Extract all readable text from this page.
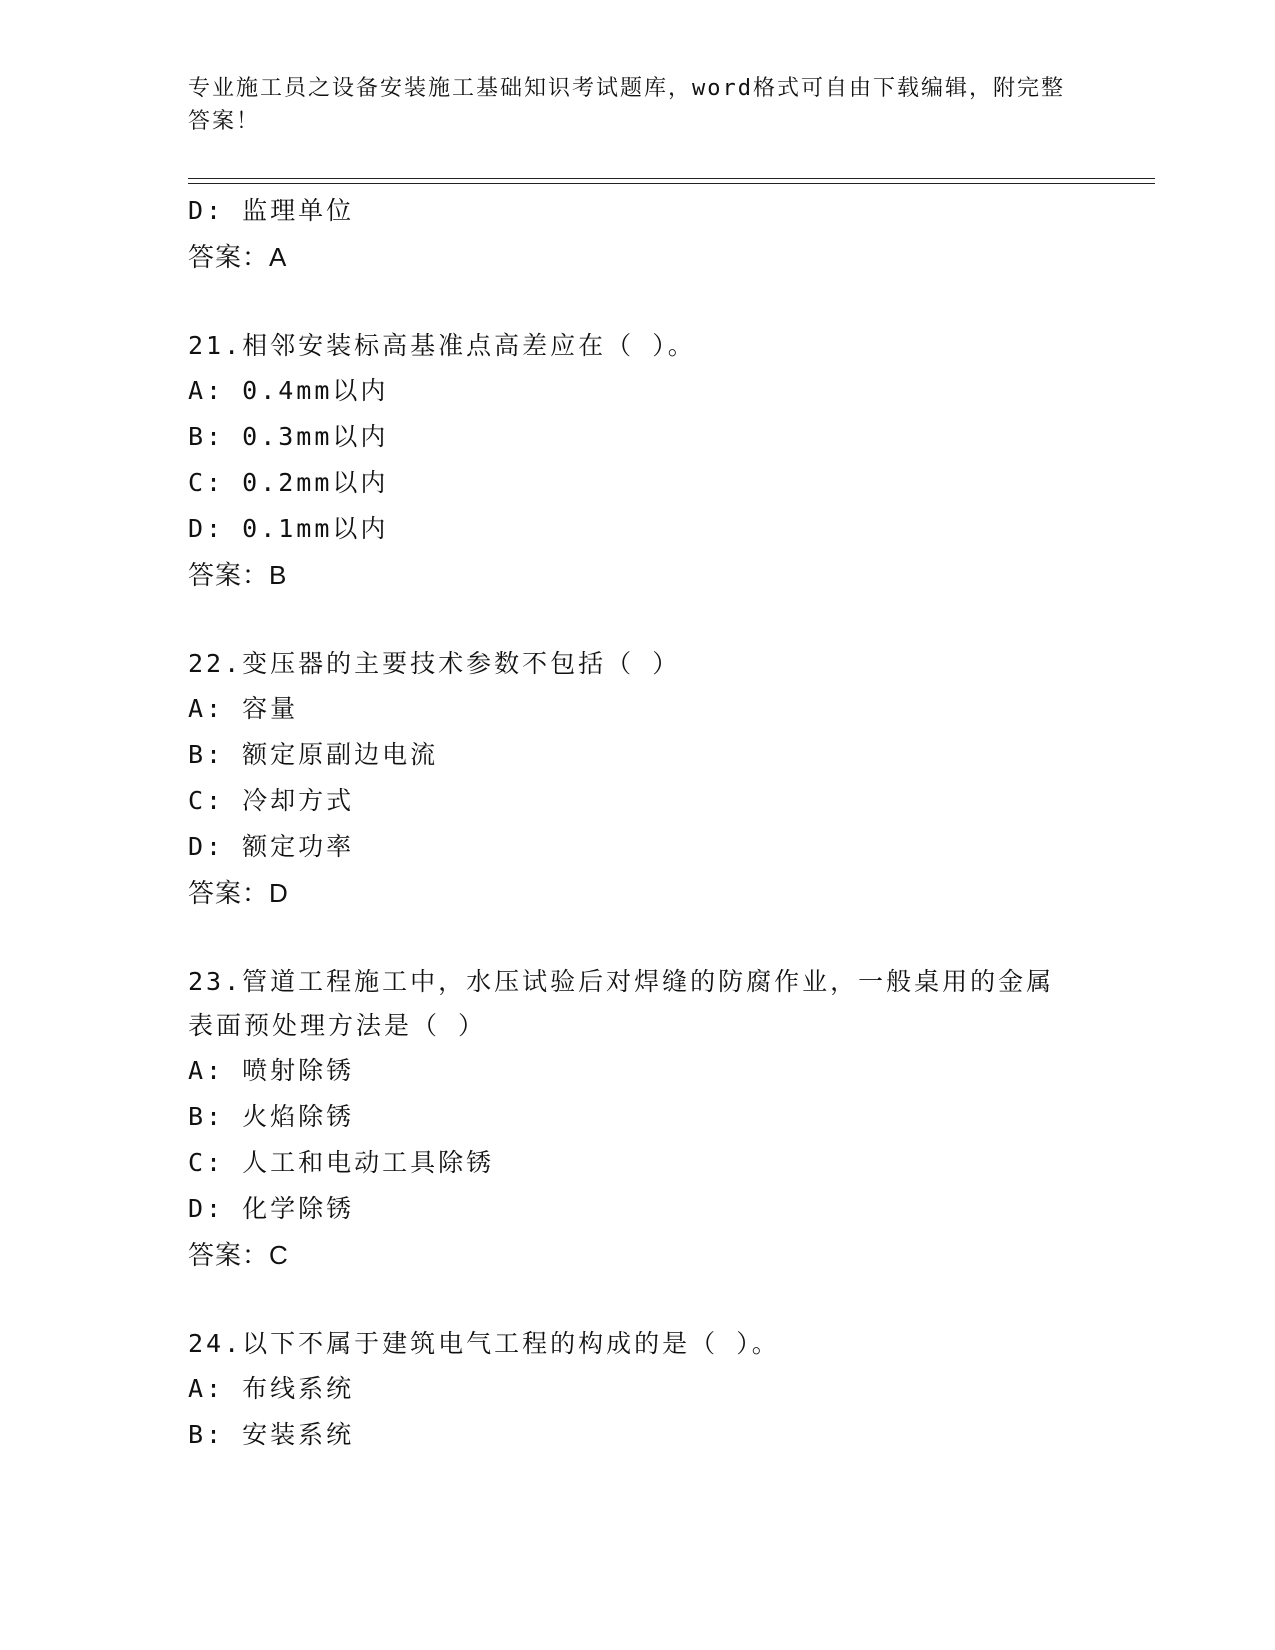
专业施工员之设备安装施工基础知识考试题库，word格式可自由下载编辑，附完整答案！
D: 监理单位
答案：A
21.相邻安装标高基准点高差应在（ ）。
A: 0.4mm以内
B: 0.3mm以内
C: 0.2mm以内
D: 0.1mm以内
答案：B
22.变压器的主要技术参数不包括（ ）
A: 容量
B: 额定原副边电流
C: 冷却方式
D: 额定功率
答案：D
23.管道工程施工中，水压试验后对焊缝的防腐作业，一般桌用的金属表面预处理方法是（ ）
A: 喷射除锈
B: 火焰除锈
C: 人工和电动工具除锈
D: 化学除锈
答案：C
24.以下不属于建筑电气工程的构成的是（ ）。
A: 布线系统
B: 安装系统
